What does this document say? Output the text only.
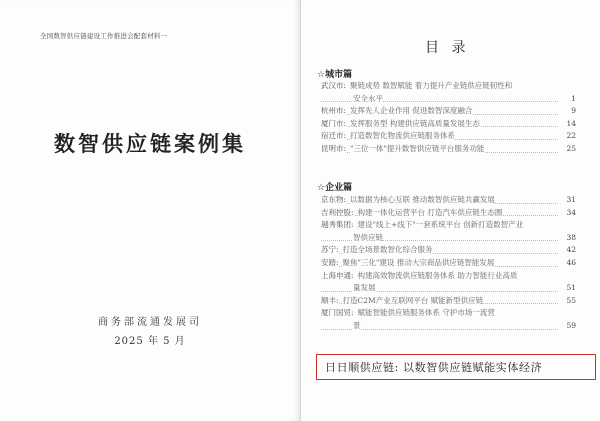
全国数智供应链建设工作推进会配套材料一
数智供应链案例集
商务部流通发展司
2025 年 5 月
目 录
☆城市篇
武汉市: 聚链成势 数智赋能 着力提升产业链供应链韧性和
安全水平	1
杭州市: 发挥先人企业作用 促进数智深度融合	9
厦门市: 发挥服务型 构建供应链高质量发展生态	14
宿迁市: 打造数智化物流供应链服务体系	22
昆明市: "三位一体"提升数智供应链平台服务功能	25
☆企业篇
京东物: 以数据为核心互联 推动数智供应链共赢发展	31
吉利控股: 构建一体化运营平台 打造汽车供应链生态圈	34
越秀集团: 建设"线上+线下"一套系统平台 创新打造数智产业
智供应链	38
苏宁: 打造全场景数智化综合服务	42
安踏: 聚焦"三化"建设 推动大宗商品供应链智能发展	46
上海申通: 构建高效物流供应链服务体系 助力智能行业高质
量发展	51
顺丰: 打造C2M产业互联网平台 赋能新型供应链	55
厦门国贸: 赋能智能供应链服务体系 守护市场一流营
景	59
日日顺供应链: 以数智供应链赋能实体经济
